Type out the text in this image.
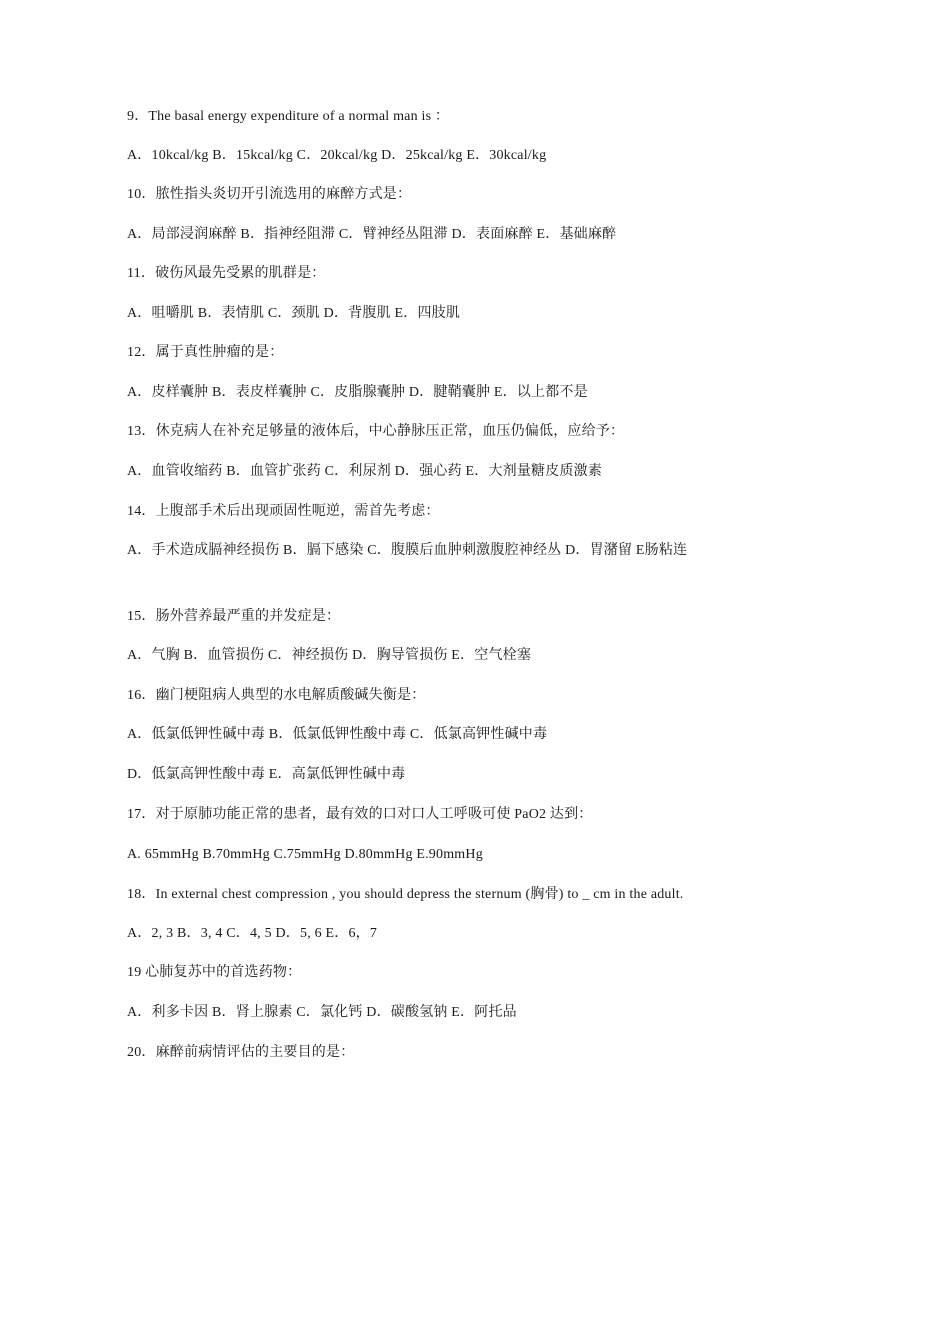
9．The basal energy expenditure of a normal man is ：
A．10kcal/kg B．15kcal/kg C．20kcal/kg D．25kcal/kg E．30kcal/kg
10．脓性指头炎切开引流选用的麻醉方式是：
A．局部浸润麻醉 B．指神经阻滞 C．臂神经丛阻滞 D．表面麻醉 E．基础麻醉
11．破伤风最先受累的肌群是：
A．咀嚼肌 B．表情肌 C．颈肌 D．背腹肌 E．四肢肌
12．属于真性肿瘤的是：
A．皮样囊肿 B．表皮样囊肿 C．皮脂腺囊肿 D．腱鞘囊肿 E．以上都不是
13．休克病人在补充足够量的液体后，中心静脉压正常，血压仍偏低，应给予：
A．血管收缩药 B．血管扩张药 C．利尿剂 D．强心药 E．大剂量糖皮质激素
14．上腹部手术后出现顽固性呃逆，需首先考虑：
A．手术造成膈神经损伤 B．膈下感染 C．腹膜后血肿刺激腹腔神经丛 D．胃潴留 E肠粘连
15．肠外营养最严重的并发症是：
A．气胸 B．血管损伤 C．神经损伤 D．胸导管损伤 E．空气栓塞
16．幽门梗阻病人典型的水电解质酸碱失衡是：
A．低氯低钾性碱中毒 B．低氯低钾性酸中毒 C．低氯高钾性碱中毒
D．低氯高钾性酸中毒 E．高氯低钾性碱中毒
17．对于原肺功能正常的患者，最有效的口对口人工呼吸可使 PaO2 达到：
A. 65mmHg B.70mmHg C.75mmHg D.80mmHg E.90mmHg
18．In external chest compression , you should depress the sternum (胸骨) to _ cm in the adult.
A．2, 3 B．3, 4 C．4, 5 D．5, 6 E．6，7
19 心肺复苏中的首选药物：
A．利多卡因 B．肾上腺素 C．氯化钙 D．碳酸氢钠 E．阿托品
20．麻醉前病情评估的主要目的是：
